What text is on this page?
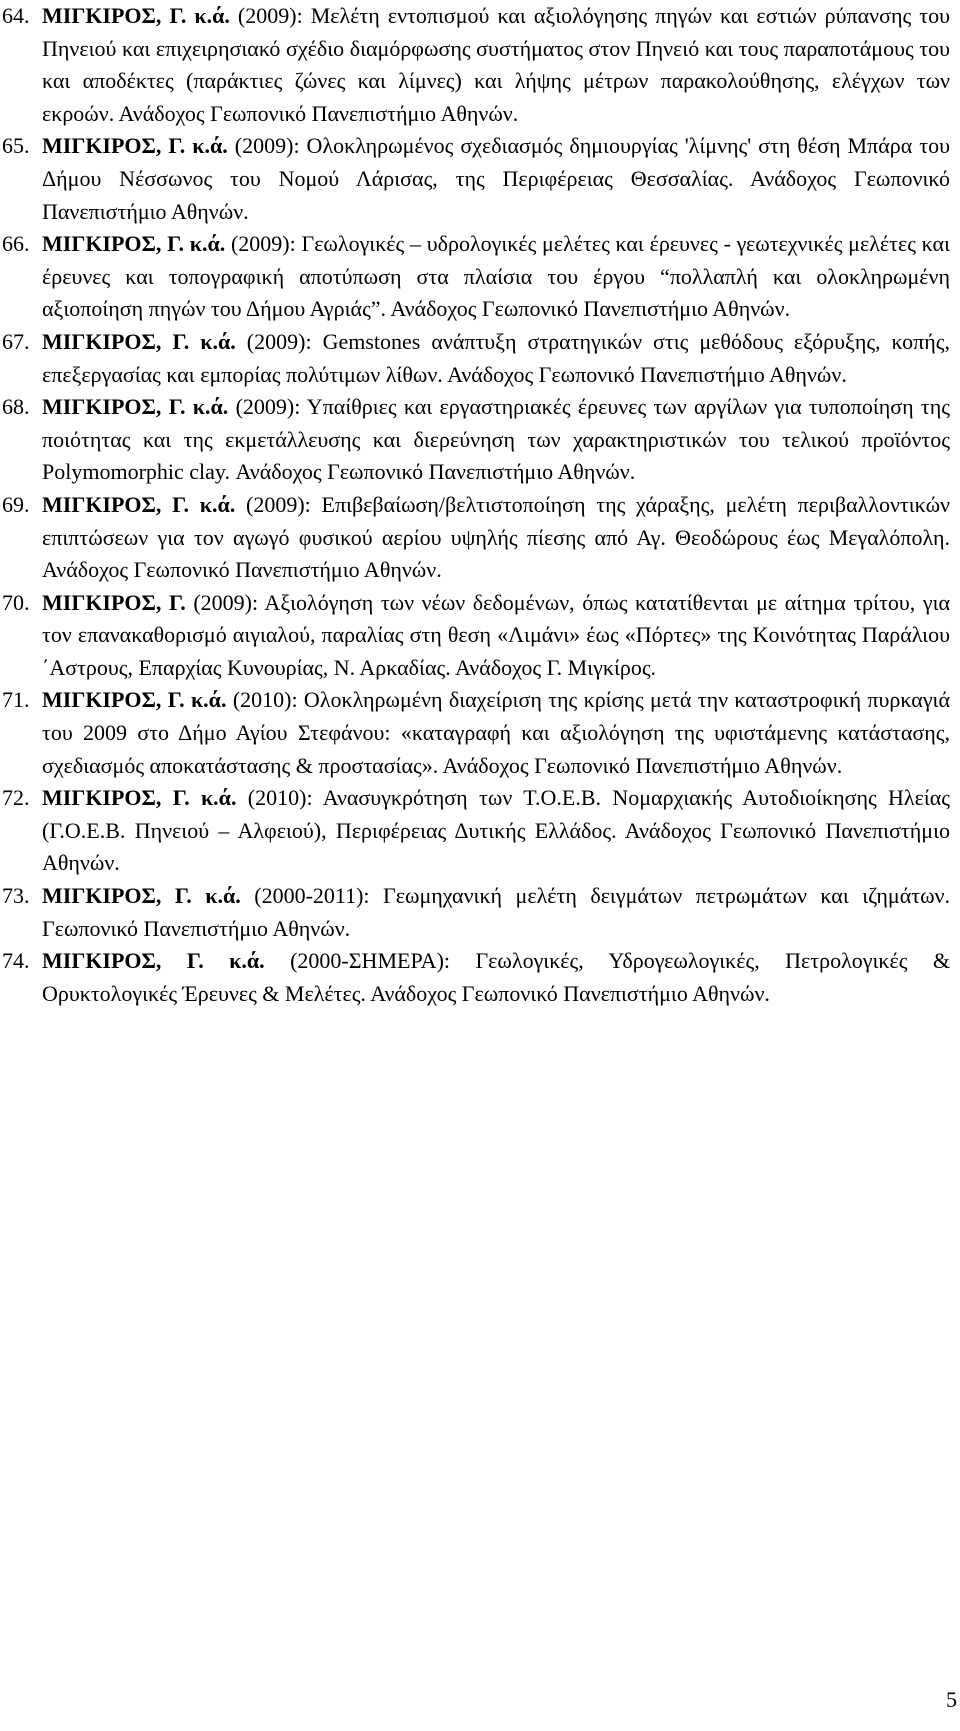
64. ΜΙΓΚΙΡΟΣ, Γ. κ.ά. (2009): Μελέτη εντοπισμού και αξιολόγησης πηγών και εστιών ρύπανσης του Πηνειού και επιχειρησιακό σχέδιο διαμόρφωσης συστήματος στον Πηνειό και τους παραποτάμους του και αποδέκτες (παράκτιες ζώνες και λίμνες) και λήψης μέτρων παρακολούθησης, ελέγχων των εκροών. Ανάδοχος Γεωπονικό Πανεπιστήμιο Αθηνών.
65. ΜΙΓΚΙΡΟΣ, Γ. κ.ά. (2009): Ολοκληρωμένος σχεδιασμός δημιουργίας 'λίμνης' στη θέση Μπάρα του Δήμου Νέσσωνος του Νομού Λάρισας, της Περιφέρειας Θεσσαλίας. Ανάδοχος Γεωπονικό Πανεπιστήμιο Αθηνών.
66. ΜΙΓΚΙΡΟΣ, Γ. κ.ά. (2009): Γεωλογικές – υδρολογικές μελέτες και έρευνες - γεωτεχνικές μελέτες και έρευνες και τοπογραφική αποτύπωση στα πλαίσια του έργου “πολλαπλή και ολοκληρωμένη αξιοποίηση πηγών του Δήμου Αγριάς”. Ανάδοχος Γεωπονικό Πανεπιστήμιο Αθηνών.
67. ΜΙΓΚΙΡΟΣ, Γ. κ.ά. (2009): Gemstones ανάπτυξη στρατηγικών στις μεθόδους εξόρυξης, κοπής, επεξεργασίας και εμπορίας πολύτιμων λίθων. Ανάδοχος Γεωπονικό Πανεπιστήμιο Αθηνών.
68. ΜΙΓΚΙΡΟΣ, Γ. κ.ά. (2009): Υπαίθριες και εργαστηριακές έρευνες των αργίλων για τυποποίηση της ποιότητας και της εκμετάλλευσης και διερεύνηση των χαρακτηριστικών του τελικού προϊόντος Polymomorphic clay. Ανάδοχος Γεωπονικό Πανεπιστήμιο Αθηνών.
69. ΜΙΓΚΙΡΟΣ, Γ. κ.ά. (2009): Επιβεβαίωση/βελτιστοποίηση της χάραξης, μελέτη περιβαλλοντικών επιπτώσεων για τον αγωγό φυσικού αερίου υψηλής πίεσης από Αγ. Θεοδώρους έως Μεγαλόπολη. Ανάδοχος Γεωπονικό Πανεπιστήμιο Αθηνών.
70. ΜΙΓΚΙΡΟΣ, Γ. (2009): Αξιολόγηση των νέων δεδομένων, όπως κατατίθενται με αίτημα τρίτου, για τον επανακαθορισμό αιγιαλού, παραλίας στη θεση «Λιμάνι» έως «Πόρτες» της Κοινότητας Παράλιου ΄Αστρους, Επαρχίας Κυνουρίας, Ν. Αρκαδίας. Ανάδοχος Γ. Μιγκίρος.
71. ΜΙΓΚΙΡΟΣ, Γ. κ.ά. (2010): Ολοκληρωμένη διαχείριση της κρίσης μετά την καταστροφική πυρκαγιά του 2009 στο Δήμο Αγίου Στεφάνου: «καταγραφή και αξιολόγηση της υφιστάμενης κατάστασης, σχεδιασμός αποκατάστασης & προστασίας». Ανάδοχος Γεωπονικό Πανεπιστήμιο Αθηνών.
72. ΜΙΓΚΙΡΟΣ, Γ. κ.ά. (2010): Ανασυγκρότηση των Τ.Ο.Ε.Β. Νομαρχιακής Αυτοδιοίκησης Ηλείας (Γ.Ο.Ε.Β. Πηνειού – Αλφειού), Περιφέρειας Δυτικής Ελλάδος. Ανάδοχος Γεωπονικό Πανεπιστήμιο Αθηνών.
73. ΜΙΓΚΙΡΟΣ, Γ. κ.ά. (2000-2011): Γεωμηχανική μελέτη δειγμάτων πετρωμάτων και ιζημάτων. Γεωπονικό Πανεπιστήμιο Αθηνών.
74. ΜΙΓΚΙΡΟΣ, Γ. κ.ά. (2000-ΣΗΜΕΡΑ): Γεωλογικές, Υδρογεωλογικές, Πετρολογικές & Ορυκτολογικές Έρευνες & Μελέτες. Ανάδοχος Γεωπονικό Πανεπιστήμιο Αθηνών.
5
